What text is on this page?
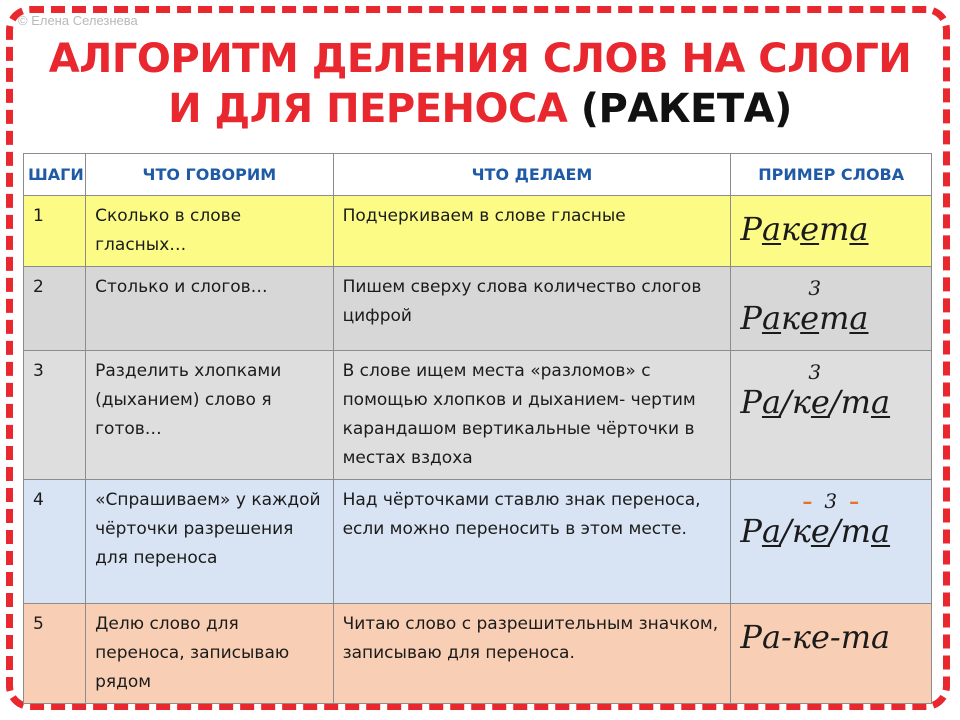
© Елена Селезнева
АЛГОРИТМ ДЕЛЕНИЯ СЛОВ НА СЛОГИ
И ДЛЯ ПЕРЕНОСА (РАКЕТА)
ШАГИ	ЧТО ГОВОРИМ	ЧТО ДЕЛАЕМ	ПРИМЕР СЛОВА
1	Сколько в слове гласных…	Подчеркиваем в слове гласные	Ракета

2	Столько и слогов…	Пишем сверху слова количество слогов цифрой	3
Ракета

3	Разделить хлопками (дыханием) слово я готов…	В слове ищем места «разломов» с помощью хлопков и дыханием- чертим карандашом вертикальные чёрточки в местах вздоха	3
Ра/ке/та

4	«Спрашиваем» у каждой чёрточки разрешения для переноса	Над чёрточками ставлю знак переноса, если можно переносить в этом месте.	– 3 –
Ра/ке/та

5	Делю слово для переноса, записываю рядом	Читаю слово с разрешительным значком, записываю для переноса.	Ра-ке-та
